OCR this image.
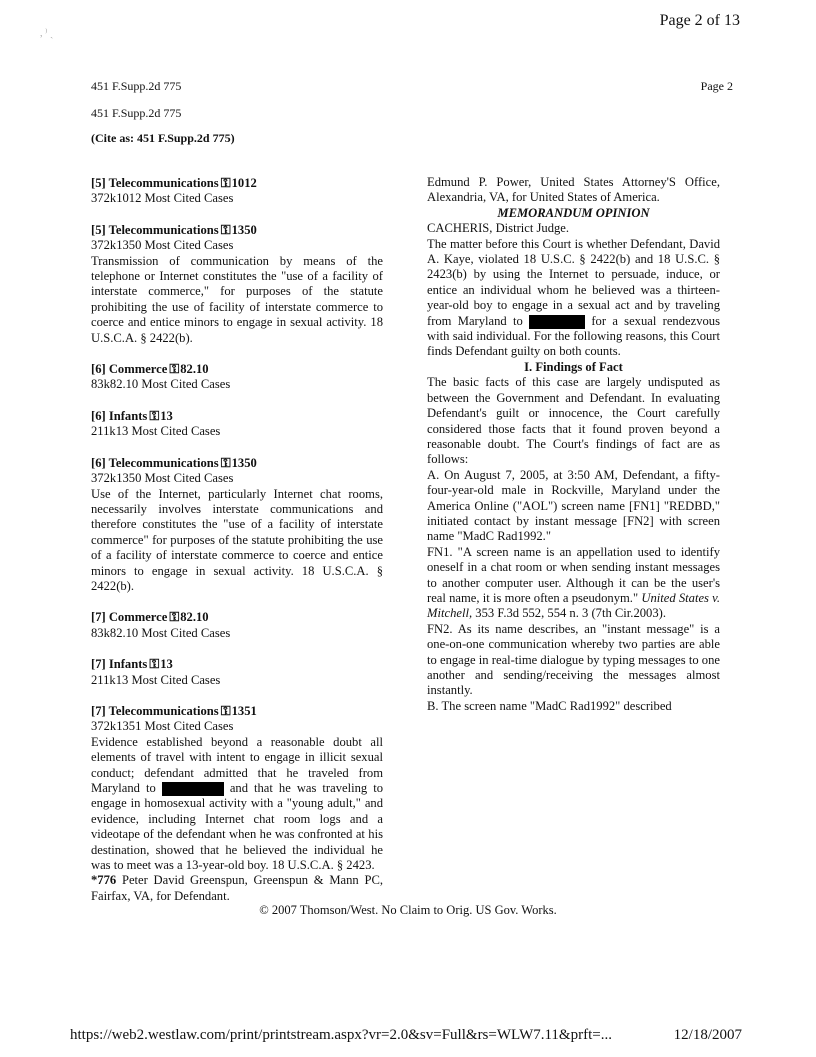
, ⁾ ˎ
Page 2 of 13
451 F.Supp.2d 775	Page 2
451 F.Supp.2d 775
(Cite as: 451 F.Supp.2d 775)
[5] Telecommunications ⚿ 1012
372k1012 Most Cited Cases
[5] Telecommunications ⚿ 1350
372k1350 Most Cited Cases

Transmission of communication by means of the telephone or Internet constitutes the "use of a facility of interstate commerce," for purposes of the statute prohibiting the use of facility of interstate commerce to coerce and entice minors to engage in sexual activity. 18 U.S.C.A. § 2422(b).

[6] Commerce ⚿ 82.10
83k82.10 Most Cited Cases
[6] Infants ⚿ 13
211k13 Most Cited Cases
[6] Telecommunications ⚿ 1350
372k1350 Most Cited Cases

Use of the Internet, particularly Internet chat rooms, necessarily involves interstate communications and therefore constitutes the "use of a facility of interstate commerce" for purposes of the statute prohibiting the use of a facility of interstate commerce to coerce and entice minors to engage in sexual activity. 18 U.S.C.A. § 2422(b).

[7] Commerce ⚿ 82.10
83k82.10 Most Cited Cases
[7] Infants ⚿ 13
211k13 Most Cited Cases
[7] Telecommunications ⚿ 1351
372k1351 Most Cited Cases

Evidence established beyond a reasonable doubt all elements of travel with intent to engage in illicit sexual conduct; defendant admitted that he traveled from Maryland to	and that he was traveling to engage in homosexual activity with a "young adult," and evidence, including Internet chat room logs and a videotape of the defendant when he was confronted at his destination, showed that he believed the individual he was to meet was a 13-year-old boy. 18 U.S.C.A. § 2423.

*776 Peter David Greenspun, Greenspun & Mann PC, Fairfax, VA, for Defendant.

Edmund P. Power, United States Attorney'S Office, Alexandria, VA, for United States of America.

MEMORANDUM OPINION

CACHERIS, District Judge.

The matter before this Court is whether Defendant, David A. Kaye, violated 18 U.S.C. § 2422(b) and 18 U.S.C. § 2423(b) by using the Internet to persuade, induce, or entice an individual whom he believed was a thirteen-year-old boy to engage in a sexual act and by traveling from Maryland to	for a sexual rendezvous with said individual. For the following reasons, this Court finds Defendant guilty on both counts.

I. Findings of Fact

The basic facts of this case are largely undisputed as between the Government and Defendant. In evaluating Defendant's guilt or innocence, the Court carefully considered those facts that it found proven beyond a reasonable doubt. The Court's findings of fact are as follows:

A. On August 7, 2005, at 3:50 AM, Defendant, a fifty-four-year-old male in Rockville, Maryland under the America Online ("AOL") screen name [FN1] "REDBD," initiated contact by instant message [FN2] with screen name "MadC Rad1992."

FN1. "A screen name is an appellation used to identify oneself in a chat room or when sending instant messages to another computer user. Although it can be the user's real name, it is more often a pseudonym." United States v. Mitchell, 353 F.3d 552, 554 n. 3 (7th Cir.2003).

FN2. As its name describes, an "instant message" is a one-on-one communication whereby two parties are able to engage in real-time dialogue by typing messages to one another and sending/receiving the messages almost instantly.

B. The screen name "MadC Rad1992" described

© 2007 Thomson/West. No Claim to Orig. US Gov. Works.
https://web2.westlaw.com/print/printstream.aspx?vr=2.0&sv=Full&rs=WLW7.11&prft=...	12/18/2007
